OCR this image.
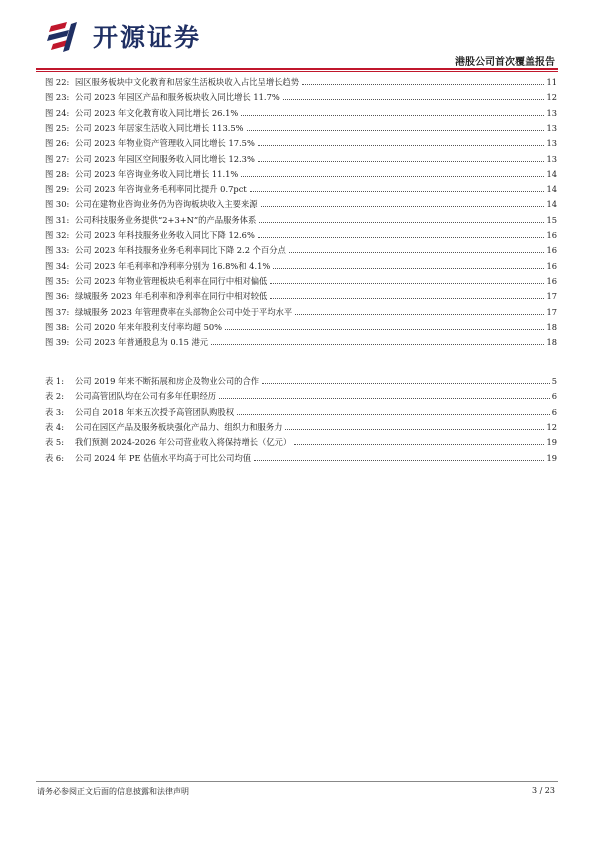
开源证券
港股公司首次覆盖报告
图 22: 园区服务板块中文化教育和居家生活板块收入占比呈增长趋势	11
图 23: 公司 2023 年园区产品和服务板块收入同比增长 11.7%	12
图 24: 公司 2023 年文化教育收入同比增长 26.1%	13
图 25: 公司 2023 年居家生活收入同比增长 113.5%	13
图 26: 公司 2023 年物业资产管理收入同比增长 17.5%	13
图 27: 公司 2023 年园区空间服务收入同比增长 12.3%	13
图 28: 公司 2023 年咨询业务收入同比增长 11.1%	14
图 29: 公司 2023 年咨询业务毛利率同比提升 0.7pct	14
图 30: 公司在建物业咨询业务仍为咨询板块收入主要来源	14
图 31: 公司科技服务业务提供“2+3+N”的产品服务体系	15
图 32: 公司 2023 年科技服务业务收入同比下降 12.6%	16
图 33: 公司 2023 年科技服务业务毛利率同比下降 2.2 个百分点	16
图 34: 公司 2023 年毛利率和净利率分别为 16.8%和 4.1%	16
图 35: 公司 2023 年物业管理板块毛利率在同行中相对偏低	16
图 36: 绿城服务 2023 年毛利率和净利率在同行中相对较低	17
图 37: 绿城服务 2023 年管理费率在头部物企公司中处于平均水平	17
图 38: 公司 2020 年来年股利支付率均超 50%	18
图 39: 公司 2023 年普通股息为 0.15 港元	18
表 1:	公司 2019 年来不断拓展和房企及物业公司的合作	5
表 2:	公司高管团队均在公司有多年任职经历	6
表 3:	公司自 2018 年来五次授予高管团队购股权	6
表 4:	公司在园区产品及服务板块强化产品力、组织力和服务力	12
表 5:	我们预测 2024-2026 年公司营业收入将保持增长（亿元）	19
表 6:	公司 2024 年 PE 估值水平均高于可比公司均值	19
请务必参阅正文后面的信息披露和法律声明	3 / 23
